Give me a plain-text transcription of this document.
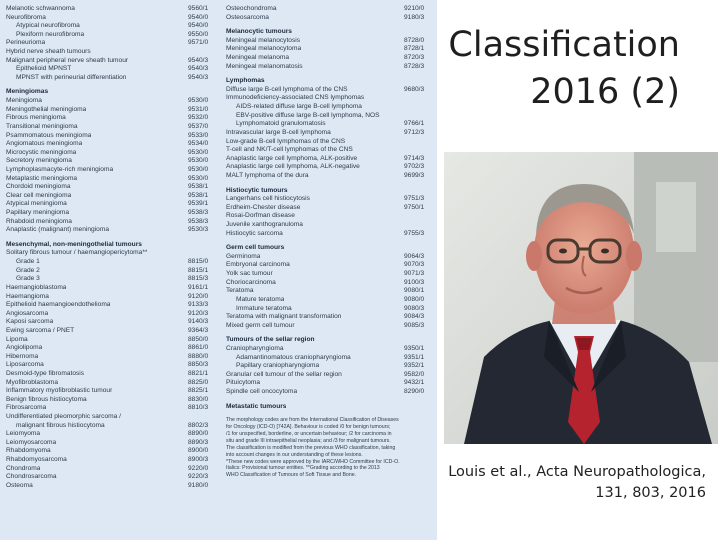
Melanotic schwannoma	9560/1
Neurofibroma	9540/0
Atypical neurofibroma	9540/0
Plexiform neurofibroma	9550/0
Perineurioma	9571/0
Hybrid nerve sheath tumours
Malignant peripheral nerve sheath tumour	9540/3
Epithelioid MPNST	9540/3
MPNST with perineurial differentiation	9540/3
Meningiomas
Meningioma	9530/0
Meningothelial meningioma	9531/0
Fibrous meningioma	9532/0
Transitional meningioma	9537/0
Psammomatous meningioma	9533/0
Angiomatous meningioma	9534/0
Microcystic meningioma	9530/0
Secretory meningioma	9530/0
Lymphoplasmacyte-rich meningioma	9530/0
Metaplastic meningioma	9530/0
Chordoid meningioma	9538/1
Clear cell meningioma	9538/1
Atypical meningioma	9539/1
Papillary meningioma	9538/3
Rhabdoid meningioma	9538/3
Anaplastic (malignant) meningioma	9530/3
Mesenchymal, non-meningothelial tumours
Solitary fibrous tumour / haemangiopericytoma**
Grade 1	8815/0
Grade 2	8815/1
Grade 3	8815/3
Haemangioblastoma	9161/1
Haemangioma	9120/0
Epithelioid haemangioendothelioma	9133/3
Angiosarcoma	9120/3
Kaposi sarcoma	9140/3
Ewing sarcoma / PNET	9364/3
Lipoma	8850/0
Angiolipoma	8861/0
Hibernoma	8880/0
Liposarcoma	8850/3
Desmoid-type fibromatosis	8821/1
Myofibroblastoma	8825/0
Inflammatory myofibroblastic tumour	8825/1
Benign fibrous histiocytoma	8830/0
Fibrosarcoma	8810/3
Undifferentiated pleomorphic sarcoma /
malignant fibrous histiocytoma	8802/3
Leiomyoma	8890/0
Leiomyosarcoma	8890/3
Rhabdomyoma	8900/0
Rhabdomyosarcoma	8900/3
Chondroma	9220/0
Chondrosarcoma	9220/3
Osteoma	9180/0
Osteochondroma	9210/0
Osteosarcoma	9180/3
Melanocytic tumours
Meningeal melanocytosis	8728/0
Meningeal melanocytoma	8728/1
Meningeal melanoma	8720/3
Meningeal melanomatosis	8728/3
Lymphomas
Diffuse large B-cell lymphoma of the CNS	9680/3
Immunodeficiency-associated CNS lymphomas
AIDS-related diffuse large B-cell lymphoma
EBV-positive diffuse large B-cell lymphoma, NOS
Lymphomatoid granulomatosis	9766/1
Intravascular large B-cell lymphoma	9712/3
Low-grade B-cell lymphomas of the CNS
T-cell and NK/T-cell lymphomas of the CNS
Anaplastic large cell lymphoma, ALK-positive	9714/3
Anaplastic large cell lymphoma, ALK-negative	9702/3
MALT lymphoma of the dura	9699/3
Histiocytic tumours
Langerhans cell histiocytosis	9751/3
Erdheim-Chester disease	9750/1
Rosai-Dorfman disease
Juvenile xanthogranuloma
Histiocytic sarcoma	9755/3
Germ cell tumours
Germinoma	9064/3
Embryonal carcinoma	9070/3
Yolk sac tumour	9071/3
Choriocarcinoma	9100/3
Teratoma	9080/1
Mature teratoma	9080/0
Immature teratoma	9080/3
Teratoma with malignant transformation	9084/3
Mixed germ cell tumour	9085/3
Tumours of the sellar region
Craniopharyngioma	9350/1
Adamantinomatous craniopharyngioma	9351/1
Papillary craniopharyngioma	9352/1
Granular cell tumour of the sellar region	9582/0
Pituicytoma	9432/1
Spindle cell oncocytoma	8290/0
Metastatic tumours
The morphology codes are from the International Classification of Diseases
for Oncology (ICD-O) [742A]. Behaviour is coded /0 for benign tumours;
/1 for unspecified, borderline, or uncertain behaviour; /2 for carcinoma in
situ and grade III intraepithelial neoplasia; and /3 for malignant tumours.
The classification is modified from the previous WHO classification, taking
into account changes in our understanding of these lesions.
*These new codes were approved by the IARC/WHO Committee for ICD-O.
Italics: Provisional tumour entities. **Grading according to the 2013
WHO Classification of Tumours of Soft Tissue and Bone.
Classification
2016 (2)
Louis et al., Acta Neuropathologica,
131, 803, 2016
